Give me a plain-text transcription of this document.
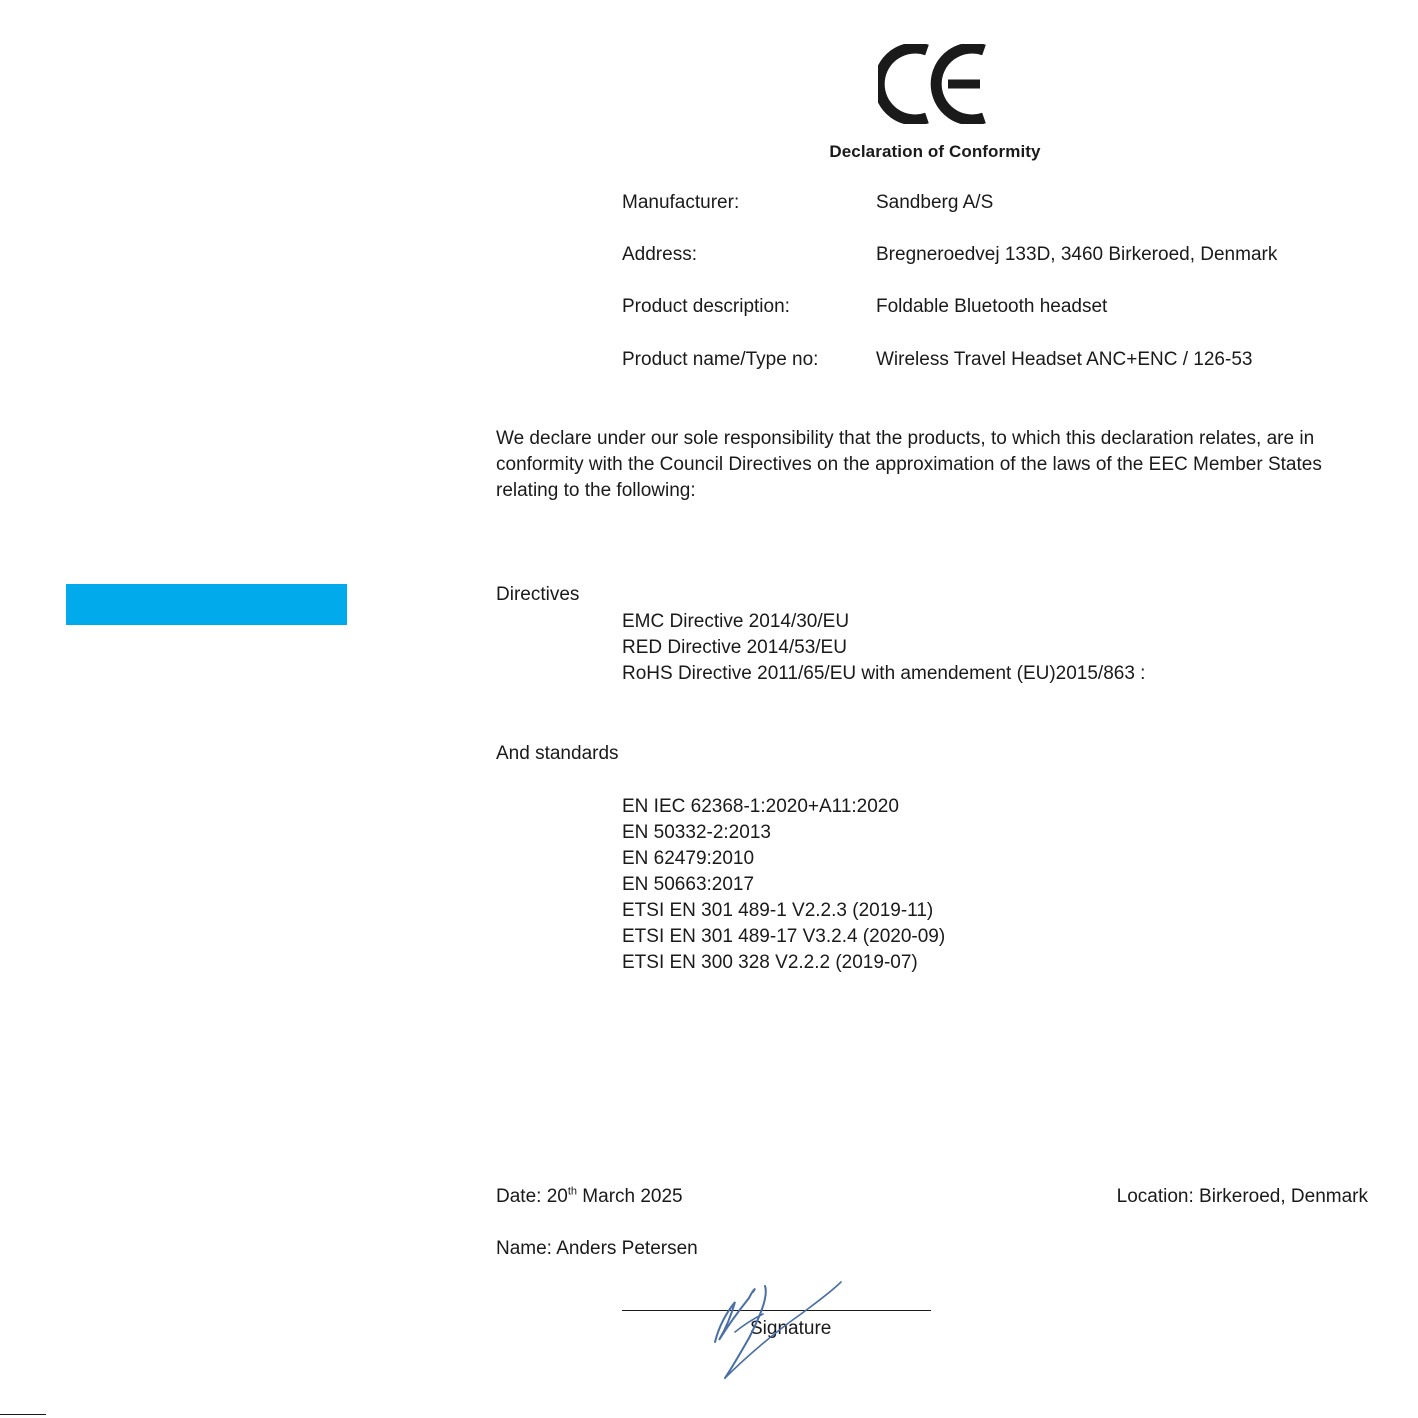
Declaration of Conformity
Manufacturer:	Sandberg A/S
Address:	Bregneroedvej 133D, 3460 Birkeroed, Denmark
Product description:	Foldable Bluetooth headset
Product name/Type no:	Wireless Travel Headset ANC+ENC / 126-53
We declare under our sole responsibility that the products, to which this declaration relates, are in conformity with the Council Directives on the approximation of the laws of the EEC Member States relating to the following:
Directives
EMC Directive 2014/30/EU
RED Directive 2014/53/EU
RoHS Directive 2011/65/EU with amendement (EU)2015/863 :
And standards
EN IEC 62368-1:2020+A11:2020
EN 50332-2:2013
EN 62479:2010
EN 50663:2017
ETSI EN 301 489-1 V2.2.3 (2019-11)
ETSI EN 301 489-17 V3.2.4 (2020-09)
ETSI EN 300 328 V2.2.2 (2019-07)
Date: 20th March 2025	Location: Birkeroed, Denmark
Name: Anders Petersen
Signature
